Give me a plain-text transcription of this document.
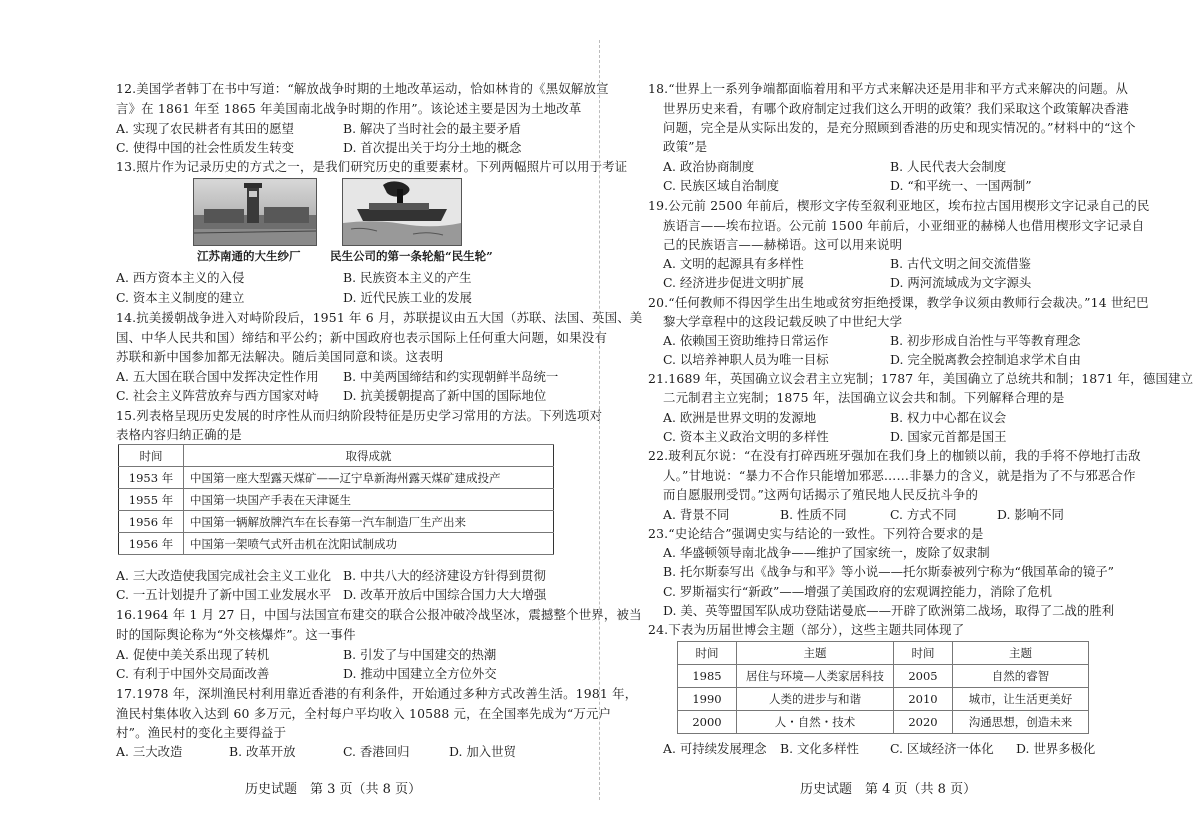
12.美国学者韩丁在书中写道：“解放战争时期的土地改革运动，恰如林肯的《黑奴解放宣
言》在 1861 年至 1865 年美国南北战争时期的作用”。该论述主要是因为土地改革
A. 实现了农民耕者有其田的愿望	B. 解决了当时社会的最主要矛盾
C. 使得中国的社会性质发生转变	D. 首次提出关于均分土地的概念
13.照片作为记录历史的方式之一，是我们研究历史的重要素材。下列两幅照片可以用于考证
江苏南通的大生纱厂	民生公司的第一条轮船“民生轮”
A. 西方资本主义的入侵	B. 民族资本主义的产生
C. 资本主义制度的建立	D. 近代民族工业的发展
14.抗美援朝战争进入对峙阶段后，1951 年 6 月，苏联提议由五大国（苏联、法国、英国、美
国、中华人民共和国）缔结和平公约；新中国政府也表示国际上任何重大问题，如果没有
苏联和新中国参加都无法解决。随后美国同意和谈。这表明
A. 五大国在联合国中发挥决定性作用 B. 中美两国缔结和约实现朝鲜半岛统一
C. 社会主义阵营放弃与西方国家对峙 D. 抗美援朝提高了新中国的国际地位
15.列表格呈现历史发展的时序性从而归纳阶段特征是历史学习常用的方法。下列选项对
表格内容归纳正确的是
时间	取得成就
1953 年	中国第一座大型露天煤矿——辽宁阜新海州露天煤矿建成投产
1955 年	中国第一块国产手表在天津诞生
1956 年	中国第一辆解放牌汽车在长春第一汽车制造厂生产出来
1956 年	中国第一架喷气式歼击机在沈阳试制成功
A. 三大改造使我国完成社会主义工业化 B. 中共八大的经济建设方针得到贯彻
C. 一五计划提升了新中国工业发展水平 D. 改革开放后中国综合国力大大增强
16.1964 年 1 月 27 日，中国与法国宣布建交的联合公报冲破冷战坚冰，震撼整个世界，被当
时的国际舆论称为“外交核爆炸”。这一事件
A. 促使中美关系出现了转机	B. 引发了与中国建交的热潮
C. 有利于中国外交局面改善	D. 推动中国建立全方位外交
17.1978 年，深圳渔民村利用靠近香港的有利条件，开始通过多种方式改善生活。1981 年，
渔民村集体收入达到 60 多万元，全村每户平均收入 10588 元，在全国率先成为“万元户
村”。渔民村的变化主要得益于
A. 三大改造	B. 改革开放	C. 香港回归	D. 加入世贸
历史试题　第 3 页（共 8 页）
18.“世界上一系列争端都面临着用和平方式来解决还是用非和平方式来解决的问题。从
世界历史来看，有哪个政府制定过我们这么开明的政策？我们采取这个政策解决香港
问题，完全是从实际出发的，是充分照顾到香港的历史和现实情况的。”材料中的“这个
政策”是
A. 政治协商制度	B. 人民代表大会制度
C. 民族区域自治制度	D. “和平统一、一国两制”
19.公元前 2500 年前后，楔形文字传至叙利亚地区，埃布拉古国用楔形文字记录自己的民
族语言——埃布拉语。公元前 1500 年前后，小亚细亚的赫梯人也借用楔形文字记录自
己的民族语言——赫梯语。这可以用来说明
A. 文明的起源具有多样性	B. 古代文明之间交流借鉴
C. 经济进步促进文明扩展	D. 两河流域成为文字源头
20.“任何教师不得因学生出生地或贫穷拒绝授课，教学争议须由教师行会裁决。”14 世纪巴
黎大学章程中的这段记载反映了中世纪大学
A. 依赖国王资助维持日常运作	B. 初步形成自治性与平等教育理念
C. 以培养神职人员为唯一目标	D. 完全脱离教会控制追求学术自由
21.1689 年，英国确立议会君主立宪制；1787 年，美国确立了总统共和制；1871 年，德国建立
二元制君主立宪制；1875 年，法国确立议会共和制。下列解释合理的是
A. 欧洲是世界文明的发源地	B. 权力中心都在议会
C. 资本主义政治文明的多样性	D. 国家元首都是国王
22.玻利瓦尔说：“在没有打碎西班牙强加在我们身上的枷锁以前，我的手将不停地打击敌
人。”甘地说：“暴力不合作只能增加邪恶……非暴力的含义，就是指为了不与邪恶合作
而自愿服刑受罚。”这两句话揭示了殖民地人民反抗斗争的
A. 背景不同	B. 性质不同	C. 方式不同	D. 影响不同
23.“史论结合”强调史实与结论的一致性。下列符合要求的是
A. 华盛顿领导南北战争——维护了国家统一，废除了奴隶制
B. 托尔斯泰写出《战争与和平》等小说——托尔斯泰被列宁称为“俄国革命的镜子”
C. 罗斯福实行“新政”——增强了美国政府的宏观调控能力，消除了危机
D. 美、英等盟国军队成功登陆诺曼底——开辟了欧洲第二战场，取得了二战的胜利
24.下表为历届世博会主题（部分），这些主题共同体现了
时间	主题	时间	主题
1985	居住与环境—人类家居科技	2005	自然的睿智
1990	人类的进步与和谐	2010	城市，让生活更美好
2000	人・自然・技术	2020	沟通思想，创造未来
A. 可持续发展理念 B. 文化多样性	C. 区域经济一体化 D. 世界多极化
历史试题　第 4 页（共 8 页）
